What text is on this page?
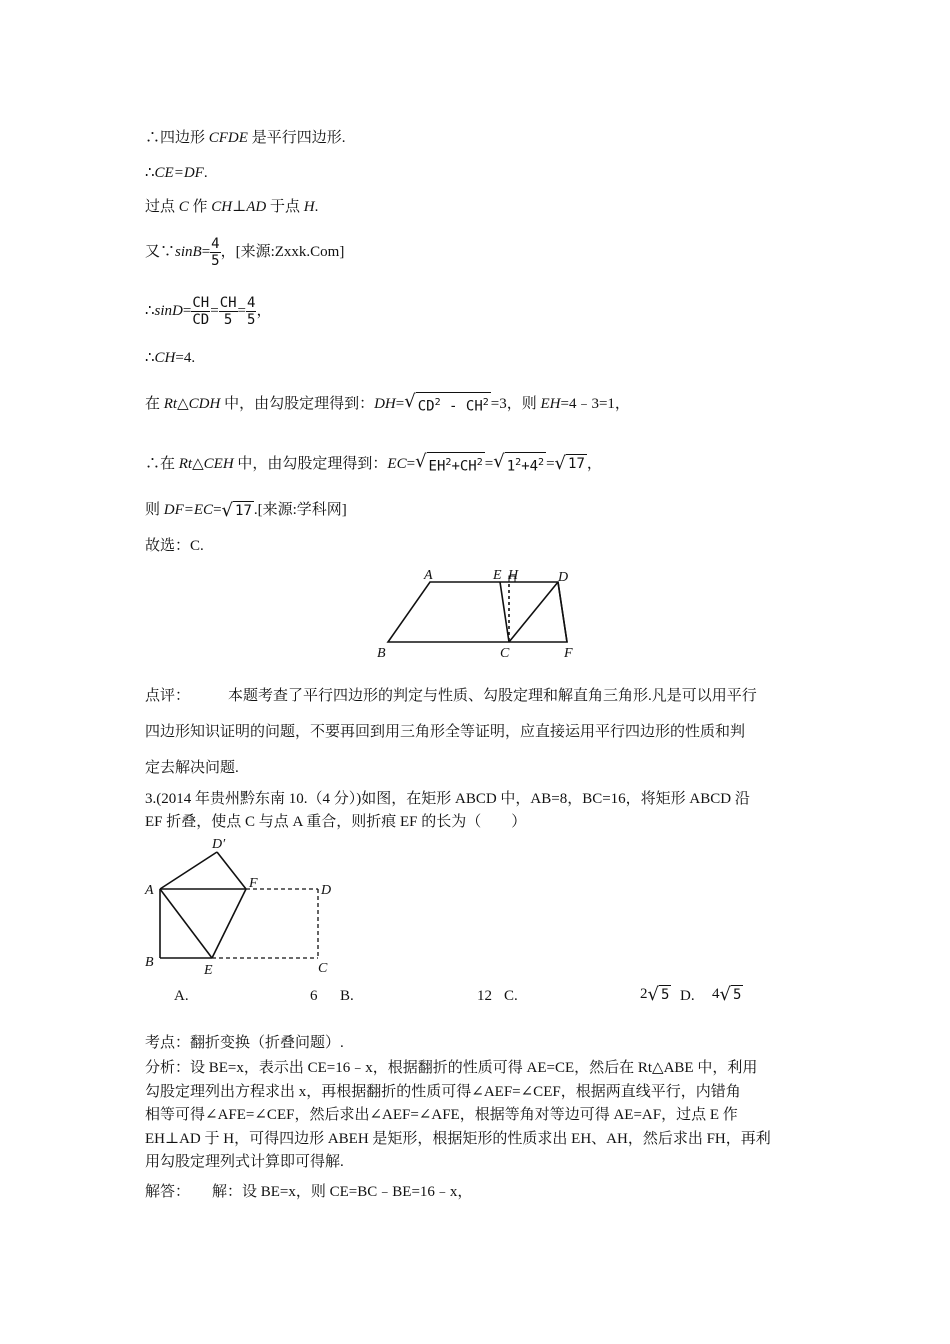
∴四边形 CFDE 是平行四边形.
∴CE=DF.
过点 C 作 CH⊥AD 于点 H.
又∵sinB= $\frac{4}{5}$ ，[来源:Zxxk.Com]
∴sinD= $\frac{CH}{CD} = \frac{CH}{5} = \frac{4}{5}$ ，
∴CH=4.
在 Rt△CDH 中，由勾股定理得到：DH=√ $CD^2 - CH^2 =3$，则 EH=4﹣3=1，
∴在 Rt△CEH 中，由勾股定理得到：EC=√ $EH^2+CH^2$ =√ $1^2+4^2$ =√ 17 ，
则 DF=EC=√ 17 .[来源:学科网]
故选：C.
A	E H	D
B	C	F
点评：	本题考查了平行四边形的判定与性质、勾股定理和解直角三角形.凡是可以用平行
四边形知识证明的问题，不要再回到用三角形全等证明，应直接运用平行四边形的性质和判
定去解决问题.
3.(2014 年贵州黔东南 10.（4 分）)如图，在矩形 ABCD 中，AB=8，BC=16，将矩形 ABCD 沿
EF 折叠，使点 C 与点 A 重合，则折痕 EF 的长为（　　）
D′
A	F	D
B
E	C
A.	6 B.	12 C.	2√ 5 D. 4√ 5
考点：翻折变换（折叠问题）.
分析：设 BE=x，表示出 CE=16﹣x，根据翻折的性质可得 AE=CE，然后在 Rt△ABE 中，利用
勾股定理列出方程求出 x，再根据翻折的性质可得∠AEF=∠CEF，根据两直线平行，内错角
相等可得∠AFE=∠CEF，然后求出∠AEF=∠AFE，根据等角对等边可得 AE=AF，过点 E 作
EH⊥AD 于 H，可得四边形 ABEH 是矩形，根据矩形的性质求出 EH、AH，然后求出 FH，再利
用勾股定理列式计算即可得解.
解答： 解：设 BE=x，则 CE=BC﹣BE=16﹣x，
